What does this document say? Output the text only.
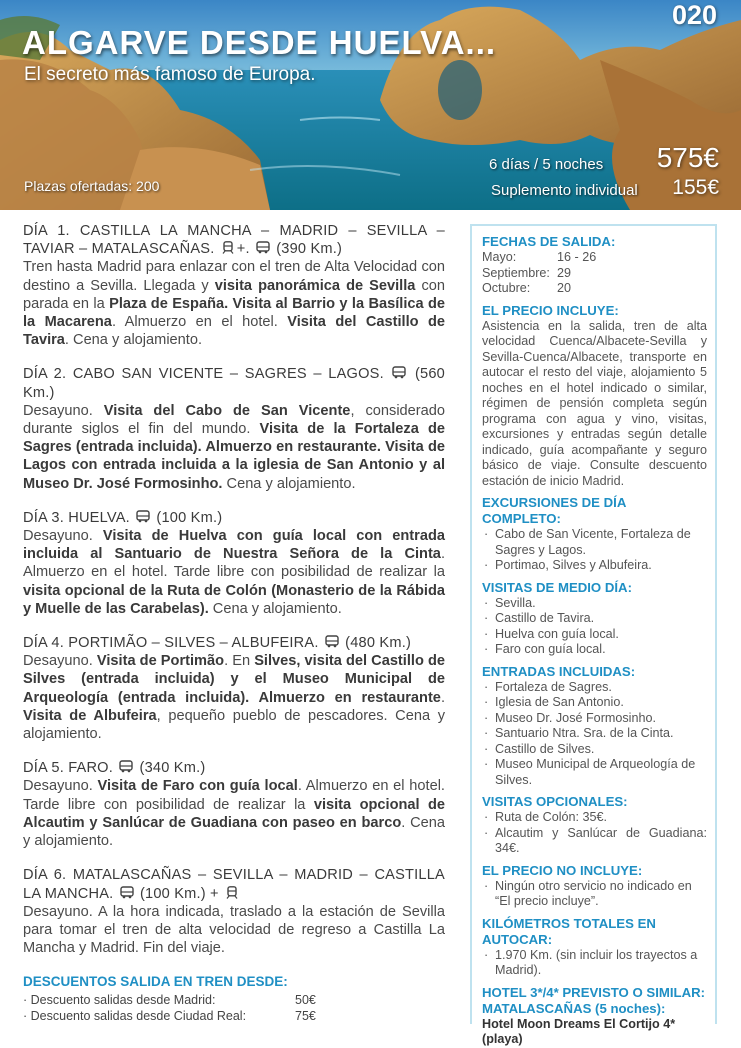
020
ALGARVE DESDE HUELVA...
El secreto más famoso de Europa.
Plazas ofertadas: 200
6 días / 5 noches 575€
Suplemento individual 155€
DÍA 1. CASTILLA LA MANCHA – MADRID – SEVILLA – TAVIAR – MATALASCAÑAS. +.  (390 Km.)
Tren hasta Madrid para enlazar con el tren de Alta Velocidad con destino a Sevilla. Llegada y visita panorámica de Sevilla con parada en la Plaza de España. Visita al Barrio y la Basílica de la Macarena. Almuerzo en el hotel. Visita del Castillo de Tavira. Cena y alojamiento.
DÍA 2. CABO SAN VICENTE – SAGRES – LAGOS. (560 Km.)
Desayuno. Visita del Cabo de San Vicente, considerado durante siglos el fin del mundo. Visita de la Fortaleza de Sagres (entrada incluida). Almuerzo en restaurante. Visita de Lagos con entrada incluida a la iglesia de San Antonio y al Museo Dr. José Formosinho. Cena y alojamiento.
DÍA 3. HUELVA. (100 Km.)
Desayuno. Visita de Huelva con guía local con entrada incluida al Santuario de Nuestra Señora de la Cinta. Almuerzo en el hotel. Tarde libre con posibilidad de realizar la visita opcional de la Ruta de Colón (Monasterio de la Rábida y Muelle de las Carabelas). Cena y alojamiento.
DÍA 4. PORTIMÃO – SILVES – ALBUFEIRA. (480 Km.)
Desayuno. Visita de Portimão. En Silves, visita del Castillo de Silves (entrada incluida) y el Museo Municipal de Arqueología (entrada incluida). Almuerzo en restaurante. Visita de Albufeira, pequeño pueblo de pescadores. Cena y alojamiento.
DÍA 5. FARO. (340 Km.)
Desayuno. Visita de Faro con guía local. Almuerzo en el hotel. Tarde libre con posibilidad de realizar la visita opcional de Alcautim y Sanlúcar de Guadiana con paseo en barco. Cena y alojamiento.
DÍA 6. MATALASCAÑAS – SEVILLA – MADRID – CASTILLA LA MANCHA. (100 Km.) +
Desayuno. A la hora indicada, traslado a la estación de Sevilla para tomar el tren de alta velocidad de regreso a Castilla La Mancha y Madrid. Fin del viaje.
DESCUENTOS SALIDA EN TREN DESDE:
· Descuento salidas desde Madrid:	50€
· Descuento salidas desde Ciudad Real:	75€
FECHAS DE SALIDA:
Mayo:	16 - 26
Septiembre: 29
Octubre:	20
EL PRECIO INCLUYE:
Asistencia en la salida, tren de alta velocidad Cuenca/Albacete-Sevilla y Sevilla-Cuenca/Albacete, transporte en autocar el resto del viaje, alojamiento 5 noches en el hotel indicado o similar, régimen de pensión completa según programa con agua y vino, visitas, excursiones y entradas según detalle indicado, guía acompañante y seguro básico de viaje. Consulte descuento estación de inicio Madrid.
EXCURSIONES DE DÍA COMPLETO:
· Cabo de San Vicente, Fortaleza de Sagres y Lagos.
· Portimao, Silves y Albufeira.
VISITAS DE MEDIO DÍA:
· Sevilla.
· Castillo de Tavira.
· Huelva con guía local.
· Faro con guía local.
ENTRADAS INCLUIDAS:
· Fortaleza de Sagres.
· Iglesia de San Antonio.
· Museo Dr. José Formosinho.
· Santuario Ntra. Sra. de la Cinta.
· Castillo de Silves.
· Museo Municipal de Arqueología de Silves.
VISITAS OPCIONALES:
· Ruta de Colón: 35€.
· Alcautim y Sanlúcar de Guadiana: 34€.
EL PRECIO NO INCLUYE:
· Ningún otro servicio no indicado en “El precio incluye”.
KILÓMETROS TOTALES EN AUTOCAR:
· 1.970 Km. (sin incluir los trayectos a Madrid).
HOTEL 3*/4* PREVISTO O SIMILAR:
MATALASCAÑAS (5 noches):
Hotel Moon Dreams El Cortijo 4* (playa)
